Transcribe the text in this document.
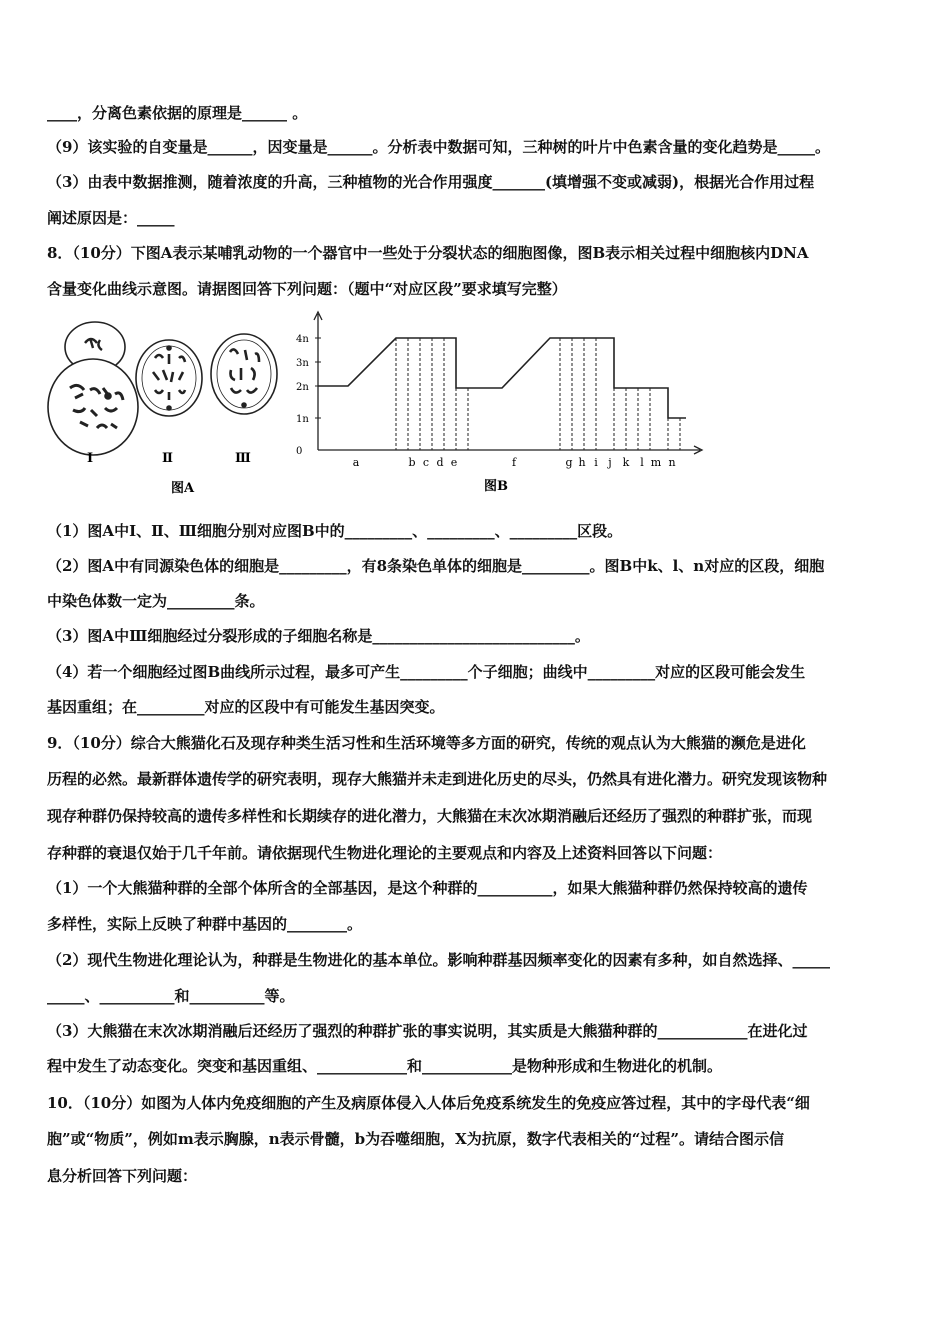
____，分离色素依据的原理是______ 。
（9）该实验的自变量是______，因变量是______。分析表中数据可知，三种树的叶片中色素含量的变化趋势是_____。
（3）由表中数据推测，随着浓度的升高，三种植物的光合作用强度_______(填增强不变或减弱)，根据光合作用过程
阐述原因是：_____
8．（10分）下图A表示某哺乳动物的一个器官中一些处于分裂状态的细胞图像，图B表示相关过程中细胞核内DNA
含量变化曲线示意图。请据图回答下列问题：（题中“对应区段”要求填写完整）
Ⅰ	Ⅱ	Ⅲ
图A
4n
3n
2n
1n
0
a	b c d e	f	g h i j k l m n
图B
（1）图A中Ⅰ、Ⅱ、Ⅲ细胞分别对应图B中的_________、_________、_________区段。
（2）图A中有同源染色体的细胞是_________，有8条染色单体的细胞是_________。图B中k、l、n对应的区段，细胞
中染色体数一定为_________条。
（3）图A中Ⅲ细胞经过分裂形成的子细胞名称是___________________________。
（4）若一个细胞经过图B曲线所示过程，最多可产生_________个子细胞；曲线中_________对应的区段可能会发生
基因重组；在_________对应的区段中有可能发生基因突变。
9．（10分）综合大熊猫化石及现存种类生活习性和生活环境等多方面的研究，传统的观点认为大熊猫的濒危是进化
历程的必然。最新群体遗传学的研究表明，现存大熊猫并未走到进化历史的尽头，仍然具有进化潜力。研究发现该物种
现存种群仍保持较高的遗传多样性和长期续存的进化潜力，大熊猫在末次冰期消融后还经历了强烈的种群扩张，而现
存种群的衰退仅始于几千年前。请依据现代生物进化理论的主要观点和内容及上述资料回答以下问题：
（1）一个大熊猫种群的全部个体所含的全部基因，是这个种群的__________，如果大熊猫种群仍然保持较高的遗传
多样性，实际上反映了种群中基因的________。
（2）现代生物进化理论认为，种群是生物进化的基本单位。影响种群基因频率变化的因素有多种，如自然选择、_____
_____、__________和__________等。
（3）大熊猫在末次冰期消融后还经历了强烈的种群扩张的事实说明，其实质是大熊猫种群的____________在进化过
程中发生了动态变化。突变和基因重组、____________和____________是物种形成和生物进化的机制。
10．（10分）如图为人体内免疫细胞的产生及病原体侵入人体后免疫系统发生的免疫应答过程，其中的字母代表“细
胞”或“物质”，例如m表示胸腺，n表示骨髓，b为吞噬细胞，X为抗原，数字代表相关的“过程”。请结合图示信
息分析回答下列问题：
